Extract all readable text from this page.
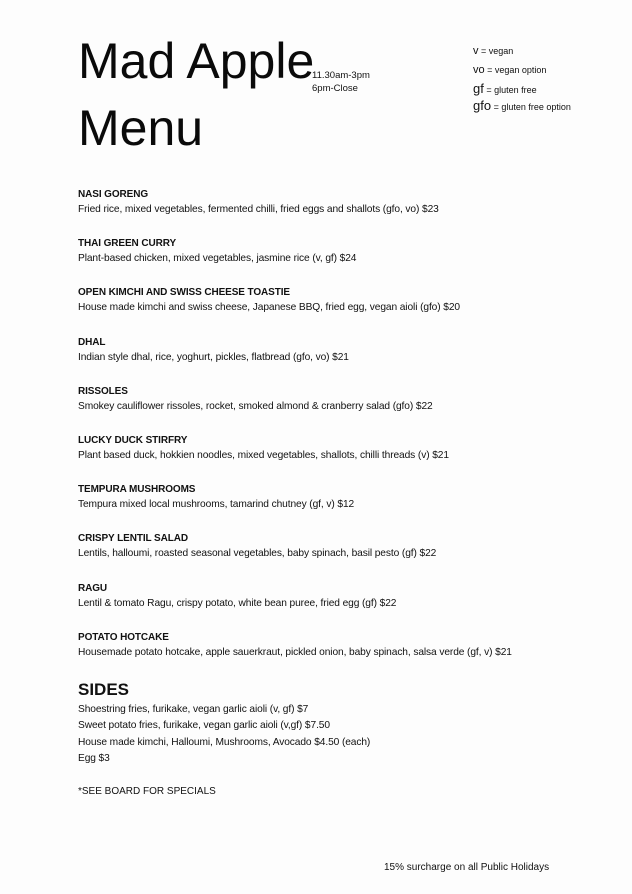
Mad Apple
Menu
11.30am-3pm
6pm-Close
v = vegan
vo = vegan option
gf = gluten free
gfo = gluten free option
NASI GORENG
Fried rice, mixed vegetables, fermented chilli, fried eggs and shallots (gfo, vo) $23
THAI GREEN CURRY
Plant-based chicken, mixed vegetables, jasmine rice (v, gf) $24
OPEN KIMCHI AND SWISS CHEESE TOASTIE
House made kimchi and swiss cheese, Japanese BBQ, fried egg, vegan aioli (gfo) $20
DHAL
Indian style dhal, rice, yoghurt, pickles, flatbread (gfo, vo) $21
RISSOLES
Smokey cauliflower rissoles, rocket, smoked almond & cranberry salad (gfo) $22
LUCKY DUCK STIRFRY
Plant based duck, hokkien noodles, mixed vegetables, shallots, chilli threads (v) $21
TEMPURA MUSHROOMS
Tempura mixed local mushrooms, tamarind chutney (gf, v) $12
CRISPY LENTIL SALAD
Lentils, halloumi, roasted seasonal vegetables, baby spinach, basil pesto (gf) $22
RAGU
Lentil & tomato Ragu, crispy potato, white bean puree, fried egg (gf) $22
POTATO HOTCAKE
Housemade potato hotcake, apple sauerkraut, pickled onion, baby spinach, salsa verde (gf, v) $21
SIDES
Shoestring fries, furikake, vegan garlic aioli (v, gf) $7
Sweet potato fries, furikake, vegan garlic aioli (v,gf) $7.50
House made kimchi, Halloumi, Mushrooms, Avocado $4.50 (each)
Egg $3
*SEE BOARD FOR SPECIALS
15% surcharge on all Public Holidays
